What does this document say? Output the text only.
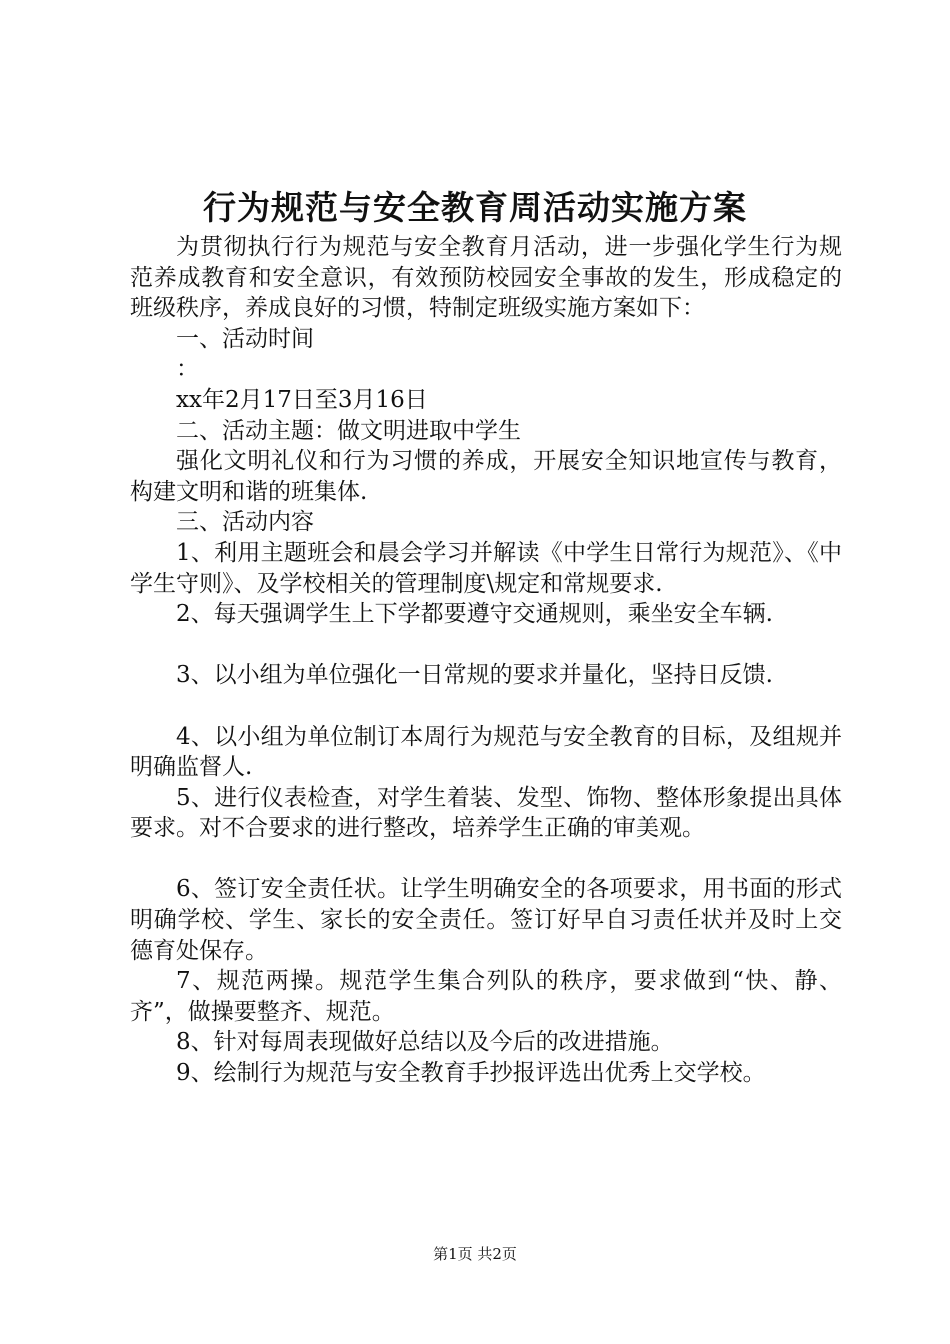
行为规范与安全教育周活动实施方案

为贯彻执行行为规范与安全教育月活动，进一步强化学生行为规范养成教育和安全意识，有效预防校园安全事故的发生，形成稳定的班级秩序，养成良好的习惯，特制定班级实施方案如下：

一、活动时间

：

xx年2月17日至3月16日

二、活动主题：做文明进取中学生

强化文明礼仪和行为习惯的养成，开展安全知识地宣传与教育，构建文明和谐的班集体.

三、活动内容

1、利用主题班会和晨会学习并解读《中学生日常行为规范》、《中学生守则》、及学校相关的管理制度\规定和常规要求.

2、每天强调学生上下学都要遵守交通规则，乘坐安全车辆.

3、以小组为单位强化一日常规的要求并量化，坚持日反馈.

4、以小组为单位制订本周行为规范与安全教育的目标，及组规并明确监督人.

5、进行仪表检查，对学生着装、发型、饰物、整体形象提出具体要求。对不合要求的进行整改，培养学生正确的审美观。

6、签订安全责任状。让学生明确安全的各项要求，用书面的形式明确学校、学生、家长的安全责任。签订好早自习责任状并及时上交德育处保存。

7、规范两操。规范学生集合列队的秩序，要求做到“快、静、齐”，做操要整齐、规范。

8、针对每周表现做好总结以及今后的改进措施。

9、绘制行为规范与安全教育手抄报评选出优秀上交学校。

第1页 共2页
